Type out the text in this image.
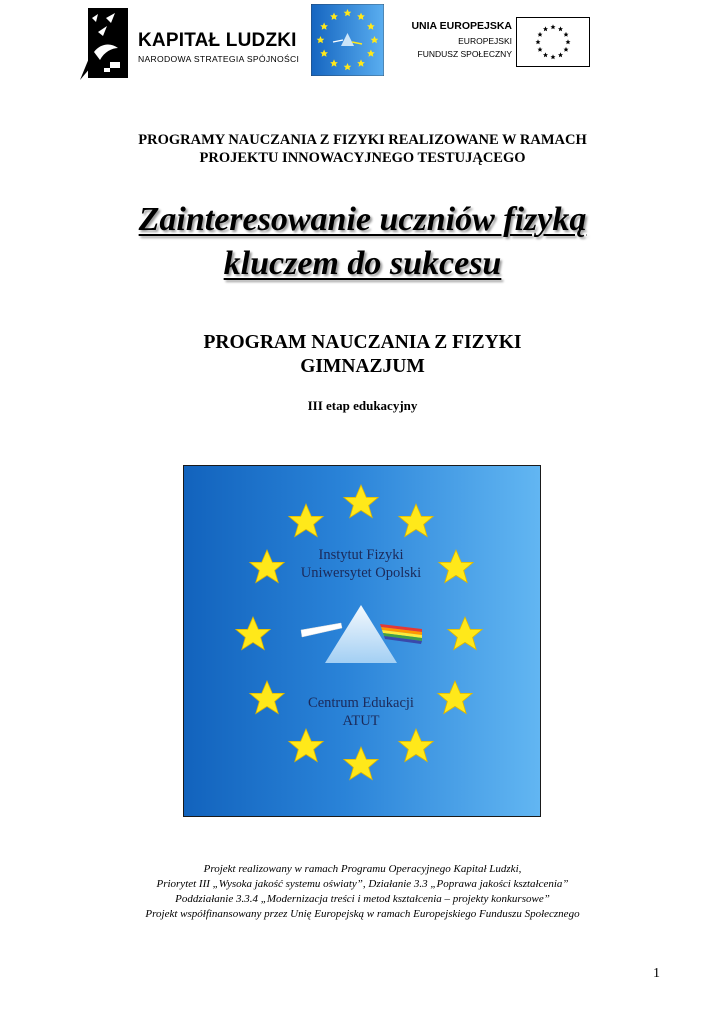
KAPITAŁ LUDZKI
NARODOWA STRATEGIA SPÓJNOŚCI
UNIA EUROPEJSKA
EUROPEJSKI
FUNDUSZ SPOŁECZNY
PROGRAMY NAUCZANIA Z FIZYKI REALIZOWANE W RAMACH
PROJEKTU INNOWACYJNEGO TESTUJĄCEGO
Zainteresowanie uczniów fizyką
kluczem do sukcesu
PROGRAM NAUCZANIA Z FIZYKI
GIMNAZJUM
III etap edukacyjny
Instytut Fizyki
Uniwersytet Opolski
Centrum Edukacji
ATUT
Projekt realizowany w ramach Programu Operacyjnego Kapitał Ludzki,
Priorytet III „Wysoka jakość systemu oświaty”, Działanie 3.3 „Poprawa jakości kształcenia”
Poddziałanie 3.3.4 „Modernizacja treści i metod kształcenia – projekty konkursowe”
Projekt współfinansowany przez Unię Europejską w ramach Europejskiego Funduszu Społecznego
1
